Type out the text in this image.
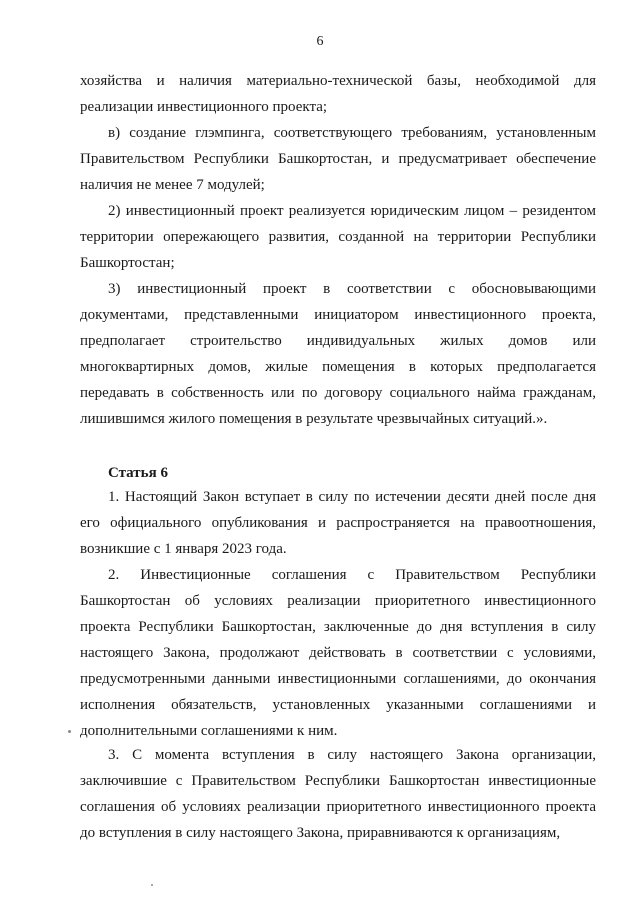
6
хозяйства и наличия материально-технической базы, необходимой для реализации инвестиционного проекта;
в) создание глэмпинга, соответствующего требованиям, установленным Правительством Республики Башкортостан, и предусматривает обеспечение наличия не менее 7 модулей;
2) инвестиционный проект реализуется юридическим лицом – резидентом территории опережающего развития, созданной на территории Республики Башкортостан;
3) инвестиционный проект в соответствии с обосновывающими документами, представленными инициатором инвестиционного проекта, предполагает строительство индивидуальных жилых домов или многоквартирных домов, жилые помещения в которых предполагается передавать в собственность или по договору социального найма гражданам, лишившимся жилого помещения в результате чрезвычайных ситуаций.».
Статья 6
1. Настоящий Закон вступает в силу по истечении десяти дней после дня его официального опубликования и распространяется на правоотношения, возникшие с 1 января 2023 года.
2. Инвестиционные соглашения с Правительством Республики Башкортостан об условиях реализации приоритетного инвестиционного проекта Республики Башкортостан, заключенные до дня вступления в силу настоящего Закона, продолжают действовать в соответствии с условиями, предусмотренными данными инвестиционными соглашениями, до окончания исполнения обязательств, установленных указанными соглашениями и дополнительными соглашениями к ним.
3. С момента вступления в силу настоящего Закона организации, заключившие с Правительством Республики Башкортостан инвестиционные соглашения об условиях реализации приоритетного инвестиционного проекта до вступления в силу настоящего Закона, приравниваются к организациям,
